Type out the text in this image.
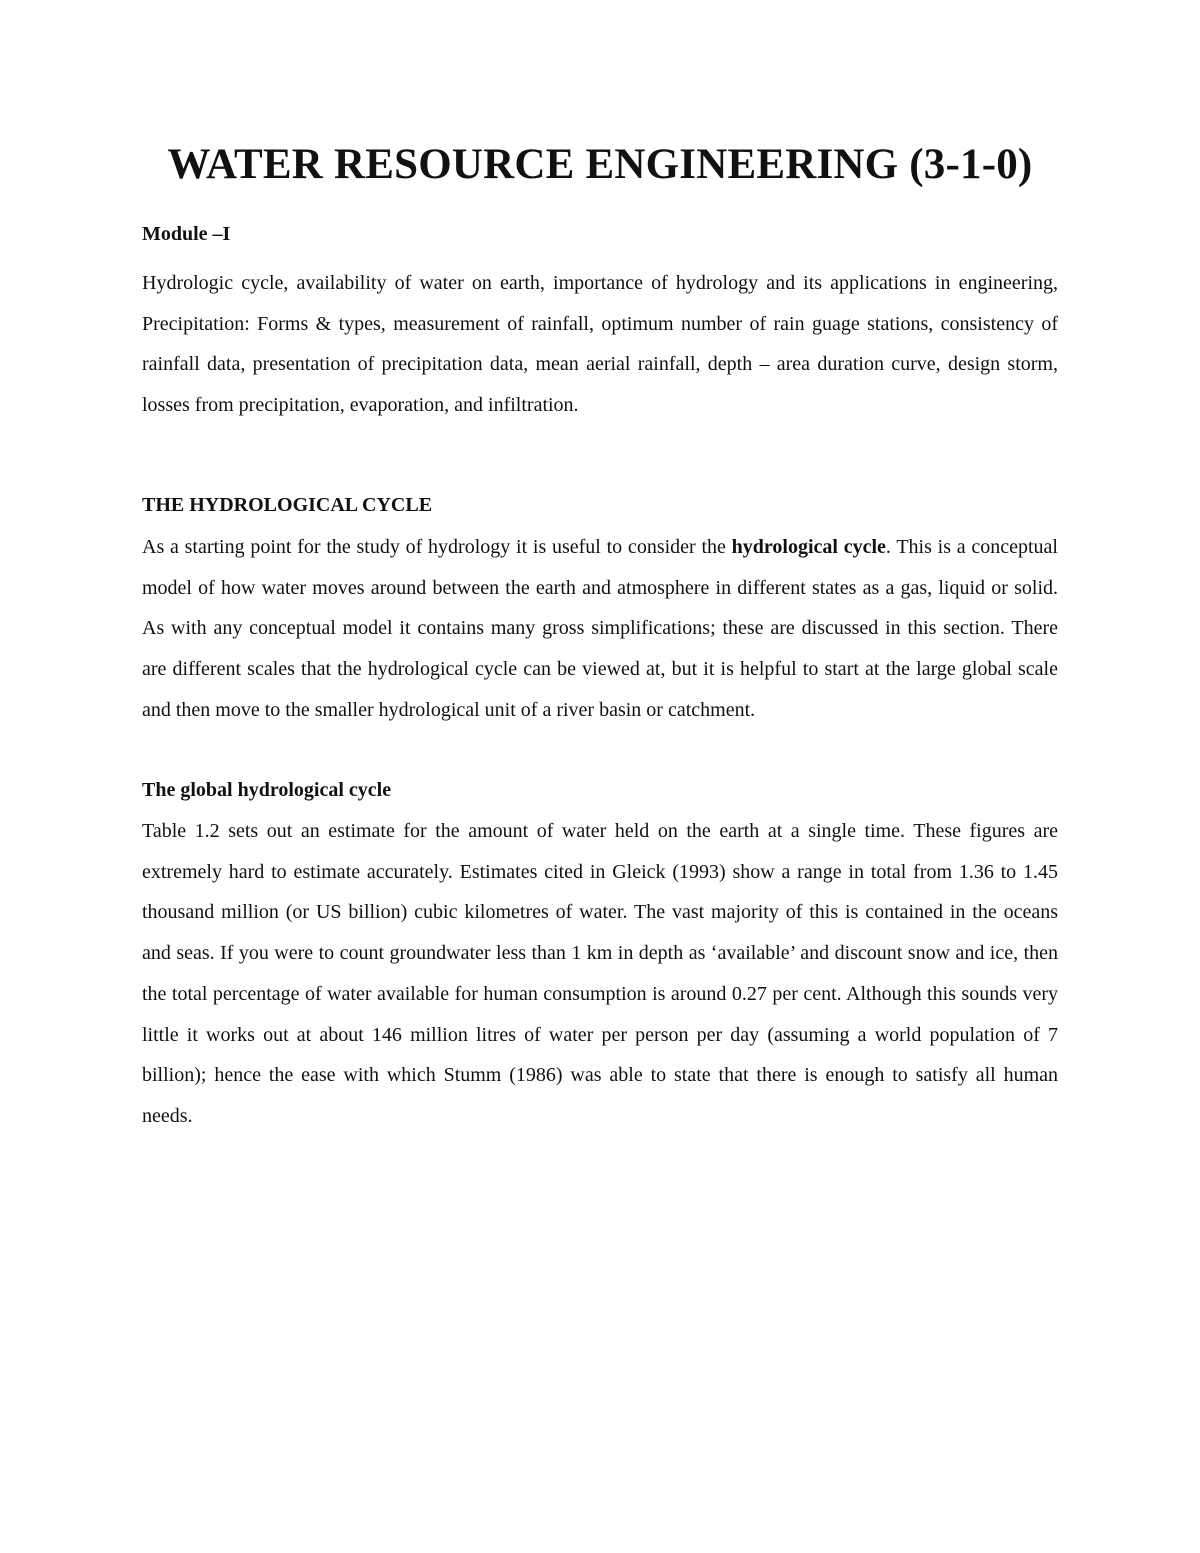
WATER RESOURCE ENGINEERING (3-1-0)

Module –I

Hydrologic cycle, availability of water on earth, importance of hydrology and its applications in engineering, Precipitation: Forms & types, measurement of rainfall, optimum number of rain guage stations, consistency of rainfall data, presentation of precipitation data, mean aerial rainfall, depth – area duration curve, design storm, losses from precipitation, evaporation, and infiltration.

THE HYDROLOGICAL CYCLE

As a starting point for the study of hydrology it is useful to consider the hydrological cycle. This is a conceptual model of how water moves around between the earth and atmosphere in different states as a gas, liquid or solid. As with any conceptual model it contains many gross simplifications; these are discussed in this section. There are different scales that the hydrological cycle can be viewed at, but it is helpful to start at the large global scale and then move to the smaller hydrological unit of a river basin or catchment.

The global hydrological cycle

Table 1.2 sets out an estimate for the amount of water held on the earth at a single time. These figures are extremely hard to estimate accurately. Estimates cited in Gleick (1993) show a range in total from 1.36 to 1.45 thousand million (or US billion) cubic kilometres of water. The vast majority of this is contained in the oceans and seas. If you were to count groundwater less than 1 km in depth as ‘available’ and discount snow and ice, then the total percentage of water available for human consumption is around 0.27 per cent. Although this sounds very little it works out at about 146 million litres of water per person per day (assuming a world population of 7 billion); hence the ease with which Stumm (1986) was able to state that there is enough to satisfy all human needs.
